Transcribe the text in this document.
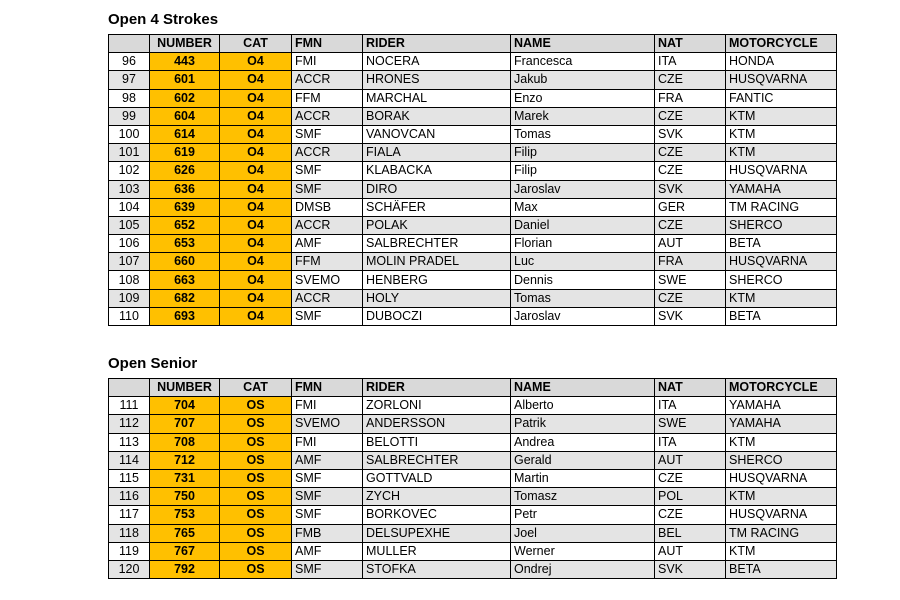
Open 4 Strokes
	NUMBER	CAT	FMN	RIDER	NAME	NAT	MOTORCYCLE
96	443	O4	FMI	NOCERA	Francesca	ITA	HONDA
97	601	O4	ACCR	HRONES	Jakub	CZE	HUSQVARNA
98	602	O4	FFM	MARCHAL	Enzo	FRA	FANTIC
99	604	O4	ACCR	BORAK	Marek	CZE	KTM
100	614	O4	SMF	VANOVCAN	Tomas	SVK	KTM
101	619	O4	ACCR	FIALA	Filip	CZE	KTM
102	626	O4	SMF	KLABACKA	Filip	CZE	HUSQVARNA
103	636	O4	SMF	DIRO	Jaroslav	SVK	YAMAHA
104	639	O4	DMSB	SCHÄFER	Max	GER	TM RACING
105	652	O4	ACCR	POLAK	Daniel	CZE	SHERCO
106	653	O4	AMF	SALBRECHTER	Florian	AUT	BETA
107	660	O4	FFM	MOLIN PRADEL	Luc	FRA	HUSQVARNA
108	663	O4	SVEMO	HENBERG	Dennis	SWE	SHERCO
109	682	O4	ACCR	HOLY	Tomas	CZE	KTM
110	693	O4	SMF	DUBOCZI	Jaroslav	SVK	BETA
Open Senior
	NUMBER	CAT	FMN	RIDER	NAME	NAT	MOTORCYCLE
111	704	OS	FMI	ZORLONI	Alberto	ITA	YAMAHA
112	707	OS	SVEMO	ANDERSSON	Patrik	SWE	YAMAHA
113	708	OS	FMI	BELOTTI	Andrea	ITA	KTM
114	712	OS	AMF	SALBRECHTER	Gerald	AUT	SHERCO
115	731	OS	SMF	GOTTVALD	Martin	CZE	HUSQVARNA
116	750	OS	SMF	ZYCH	Tomasz	POL	KTM
117	753	OS	SMF	BORKOVEC	Petr	CZE	HUSQVARNA
118	765	OS	FMB	DELSUPEXHE	Joel	BEL	TM RACING
119	767	OS	AMF	MULLER	Werner	AUT	KTM
120	792	OS	SMF	STOFKA	Ondrej	SVK	BETA
